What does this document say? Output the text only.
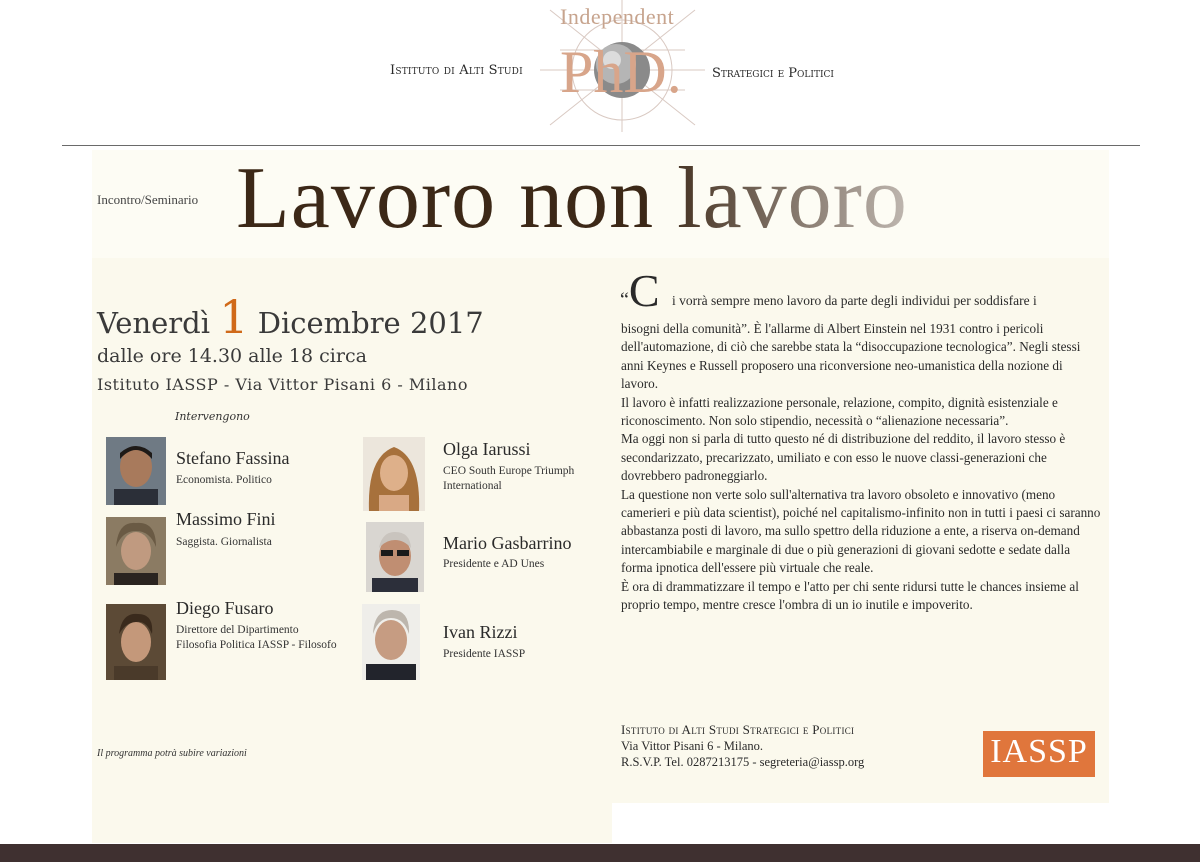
Istituto di Alti Studi	Strategici e Politici
Independent
PhD.
Incontro/Seminario Lavoro non lavoro
Venerdì 1 Dicembre 2017
dalle ore 14.30 alle 18 circa
Istituto IASSP - Via Vittor Pisani 6 - Milano
Intervengono
Stefano Fassina
Economista. Politico
Massimo Fini
Saggista. Giornalista
Diego Fusaro
Direttore del Dipartimento Filosofia Politica IASSP - Filosofo
Olga Iarussi
CEO South Europe Triumph International
Mario Gasbarrino
Presidente e AD Unes
Ivan Rizzi
Presidente IASSP
Il programma potrà subire variazioni
“C i vorrà sempre meno lavoro da parte degli individui per soddisfare i

bisogni della comunità”. È l'allarme di Albert Einstein nel 1931 contro i pericoli dell'automazione, di ciò che sarebbe stata la “disoccupazione tecnologica”. Negli stessi anni Keynes e Russell proposero una riconversione neo-umanistica della nozione di lavoro.

Il lavoro è infatti realizzazione personale, relazione, compito, dignità esistenziale e riconoscimento. Non solo stipendio, necessità o “alienazione necessaria”.

Ma oggi non si parla di tutto questo né di distribuzione del reddito, il lavoro stesso è secondarizzato, precarizzato, umiliato e con esso le nuove classi-generazioni che dovrebbero padroneggiarlo.

La questione non verte solo sull'alternativa tra lavoro obsoleto e innovativo (meno camerieri e più data scientist), poiché nel capitalismo-infinito non in tutti i paesi ci saranno abbastanza posti di lavoro, ma sullo spettro della riduzione a ente, a riserva on-demand intercambiabile e marginale di due o più generazioni di giovani sedotte e sedate dalla forma ipnotica dell'essere più virtuale che reale.

È ora di drammatizzare il tempo e l'atto per chi sente ridursi tutte le chances insieme al proprio tempo, mentre cresce l'ombra di un io inutile e impoverito.

Istituto di Alti Studi Strategici e Politici
Via Vittor Pisani 6 - Milano.
R.S.V.P. Tel. 0287213175 - segreteria@iassp.org	IASSP
